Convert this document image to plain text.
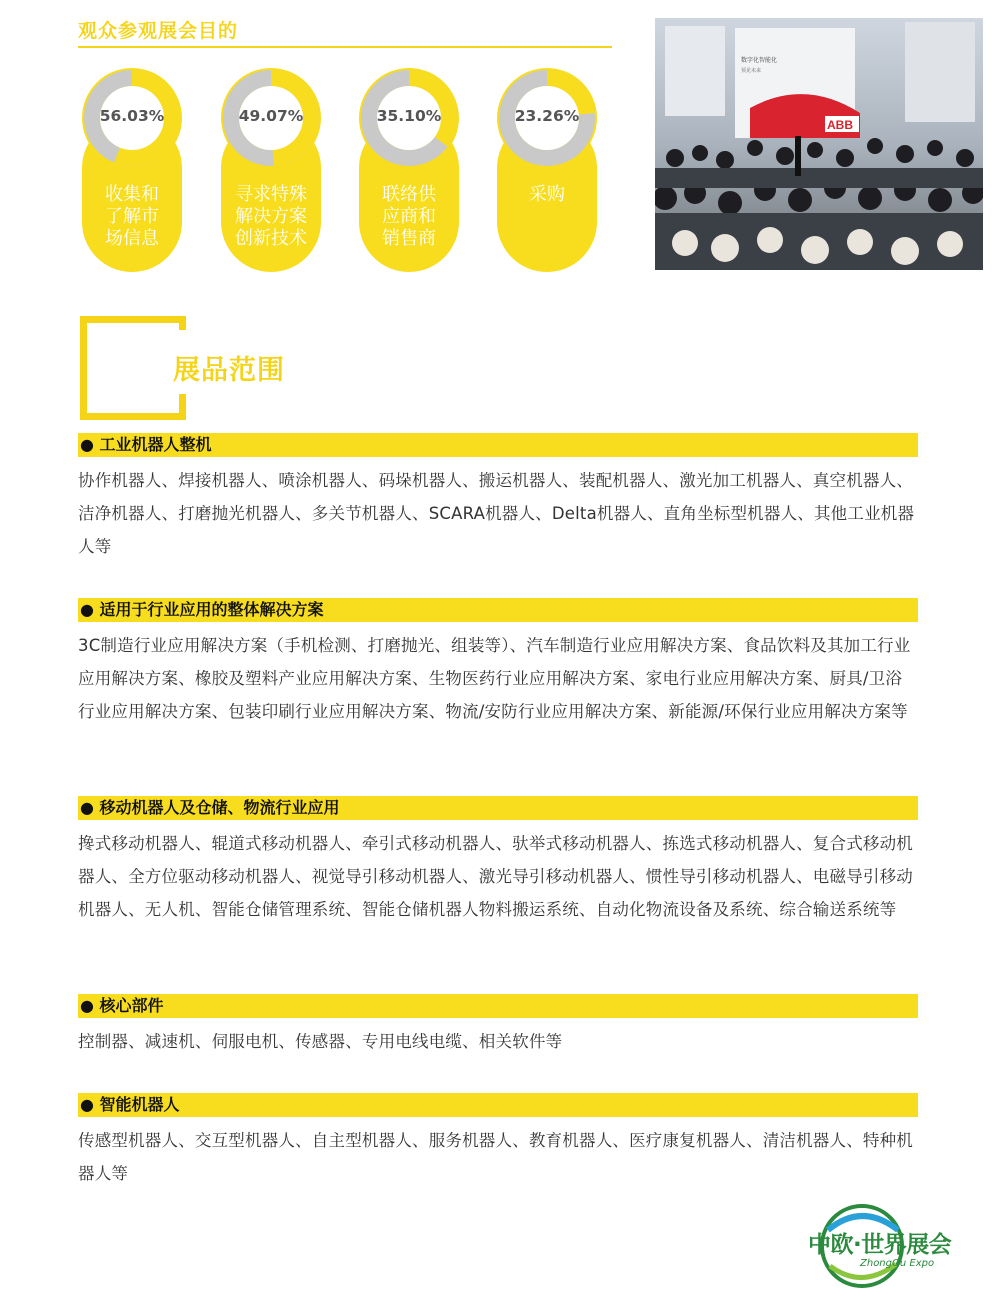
观众参观展会目的
56.03%
收集和
了解市
场信息
49.07%
寻求特殊
解决方案
创新技术
35.10%
联络供
应商和
销售商
23.26%
采购
ABB
数字化智能化
预见未来
展品范围
● 工业机器人整机
协作机器人、焊接机器人、喷涂机器人、码垛机器人、搬运机器人、装配机器人、激光加工机器人、真空机器人、洁净机器人、打磨抛光机器人、多关节机器人、SCARA机器人、Delta机器人、直角坐标型机器人、其他工业机器人等
● 适用于行业应用的整体解决方案
3C制造行业应用解决方案（手机检测、打磨抛光、组装等）、汽车制造行业应用解决方案、食品饮料及其加工行业应用解决方案、橡胶及塑料产业应用解决方案、生物医药行业应用解决方案、家电行业应用解决方案、厨具/卫浴行业应用解决方案、包装印刷行业应用解决方案、物流/安防行业应用解决方案、新能源/环保行业应用解决方案等
● 移动机器人及仓储、物流行业应用
搀式移动机器人、辊道式移动机器人、牵引式移动机器人、驮举式移动机器人、拣选式移动机器人、复合式移动机器人、全方位驱动移动机器人、视觉导引移动机器人、激光导引移动机器人、惯性导引移动机器人、电磁导引移动机器人、无人机、智能仓储管理系统、智能仓储机器人物料搬运系统、自动化物流设备及系统、综合输送系统等
● 核心部件
控制器、减速机、伺服电机、传感器、专用电线电缆、相关软件等
● 智能机器人
传感型机器人、交互型机器人、自主型机器人、服务机器人、教育机器人、医疗康复机器人、清洁机器人、特种机器人等
中欧·世界展会
ZhongOu Expo
